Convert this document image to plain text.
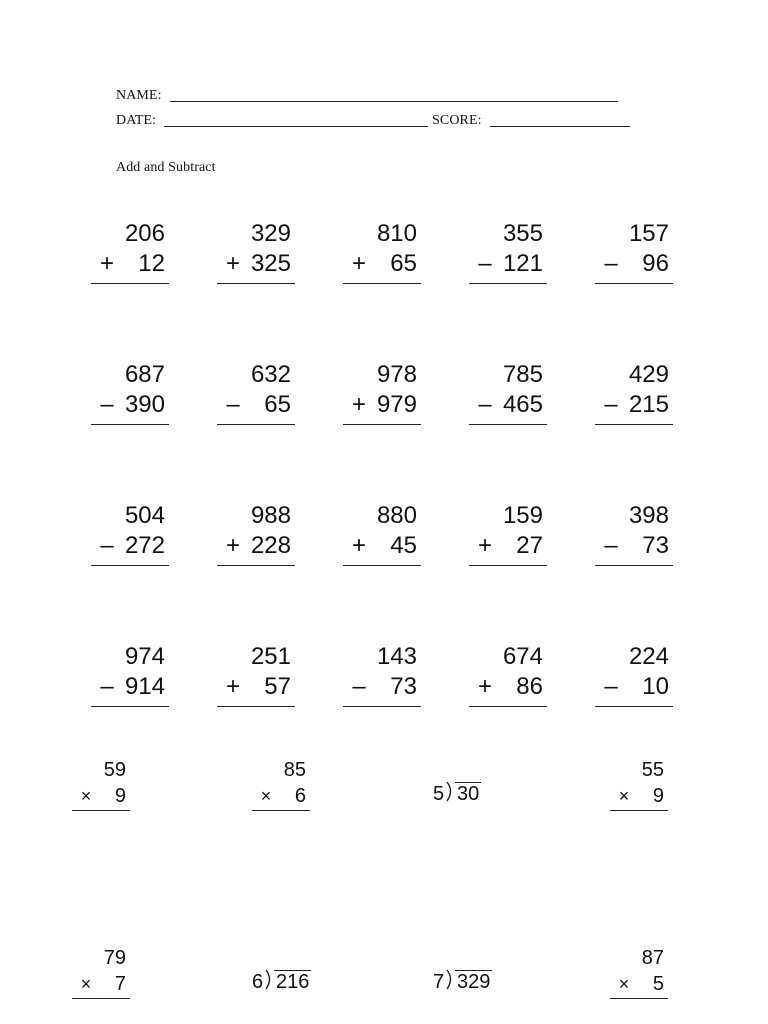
NAME:
DATE:	SCORE:
Add and Subtract
206
+ 12
329
+ 325
810
+ 65
355
– 121
157
– 96
687
– 390
632
– 65
978
+ 979
785
– 465
429
– 215
504
– 272
988
+ 228
880
+ 45
159
+ 27
398
– 73
974
– 914
251
+ 57
143
– 73
674
+ 86
224
– 10
59
× 9
85
× 6	5 30
55
× 9
79
× 7	6 216	7 329
87
× 5
